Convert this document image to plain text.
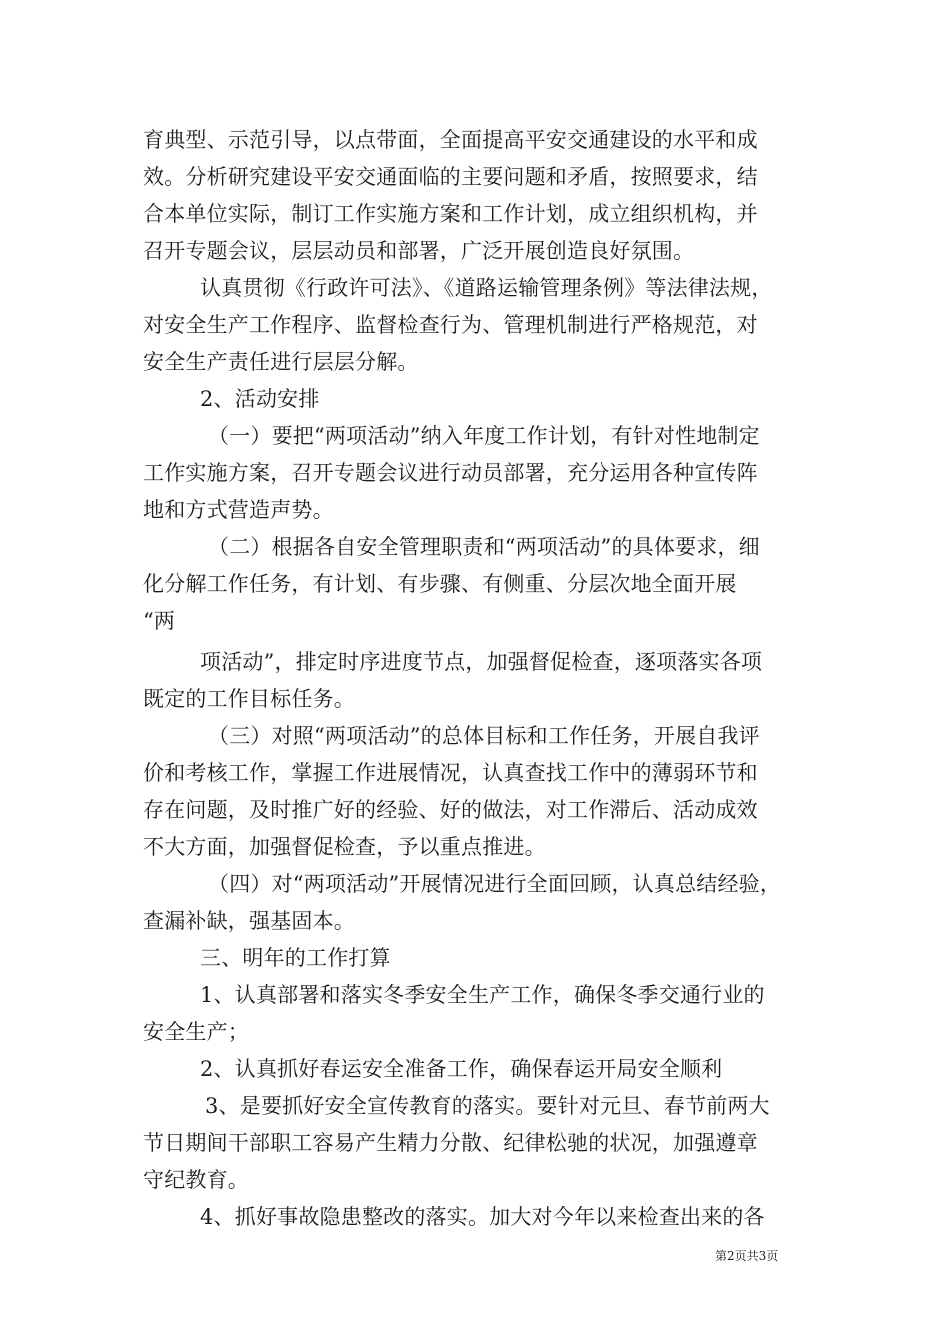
育典型、示范引导，以点带面，全面提高平安交通建设的水平和成
效。分析研究建设平安交通面临的主要问题和矛盾，按照要求，结
合本单位实际，制订工作实施方案和工作计划，成立组织机构，并
召开专题会议，层层动员和部署，广泛开展创造良好氛围。
认真贯彻《行政许可法》、《道路运输管理条例》等法律法规，
对安全生产工作程序、监督检查行为、管理机制进行严格规范，对
安全生产责任进行层层分解。
2、活动安排
（一）要把“两项活动”纳入年度工作计划，有针对性地制定
工作实施方案，召开专题会议进行动员部署，充分运用各种宣传阵
地和方式营造声势。
（二）根据各自安全管理职责和“两项活动”的具体要求，细
化分解工作任务，有计划、有步骤、有侧重、分层次地全面开展
“两
项活动”，排定时序进度节点，加强督促检查，逐项落实各项
既定的工作目标任务。
（三）对照“两项活动”的总体目标和工作任务，开展自我评
价和考核工作，掌握工作进展情况，认真查找工作中的薄弱环节和
存在问题，及时推广好的经验、好的做法，对工作滞后、活动成效
不大方面，加强督促检查，予以重点推进。
（四）对“两项活动”开展情况进行全面回顾，认真总结经验，
查漏补缺，强基固本。
三、明年的工作打算
1、认真部署和落实冬季安全生产工作，确保冬季交通行业的
安全生产；
2、认真抓好春运安全准备工作，确保春运开局安全顺利
3、是要抓好安全宣传教育的落实。要针对元旦、春节前两大
节日期间干部职工容易产生精力分散、纪律松驰的状况，加强遵章
守纪教育。
4、抓好事故隐患整改的落实。加大对今年以来检查出来的各
第2页共3页
